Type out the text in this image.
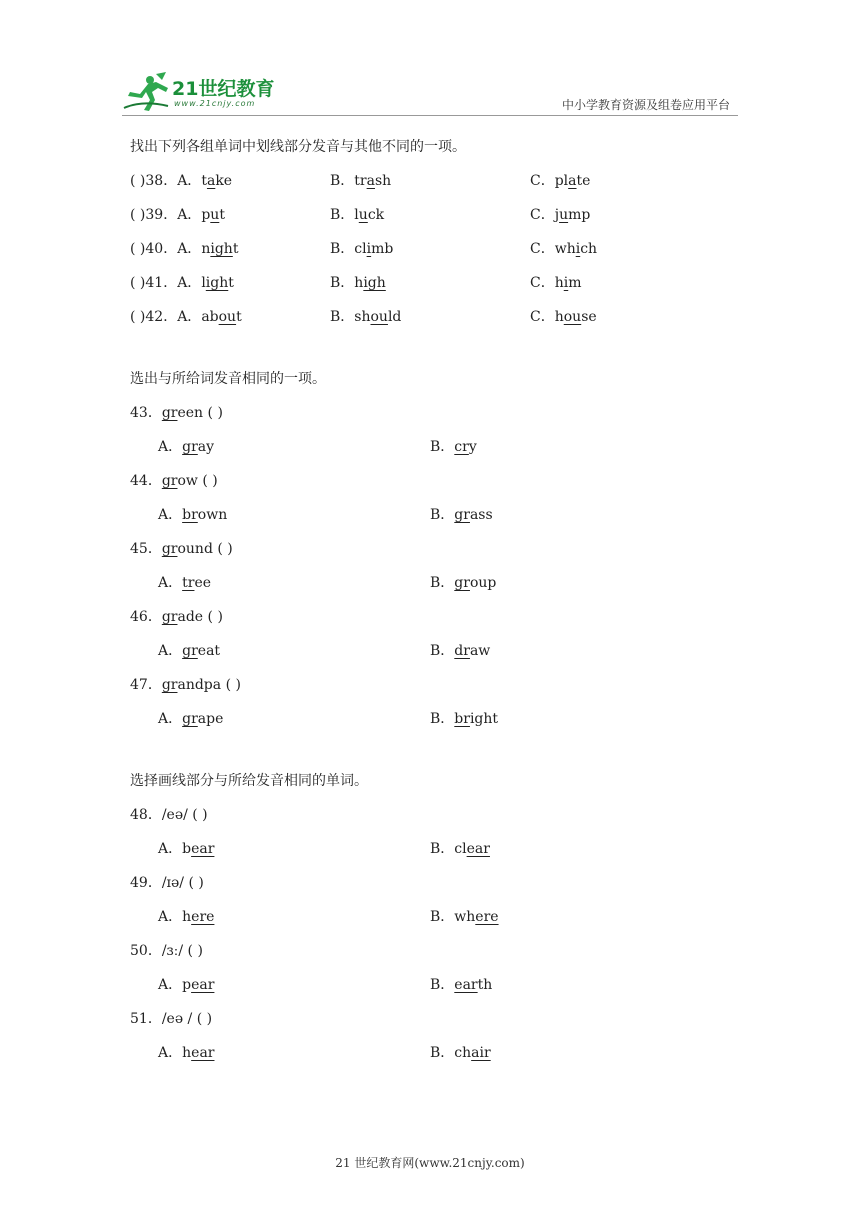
21世纪教育
www.21cnjy.com	中小学教育资源及组卷应用平台
找出下列各组单词中划线部分发音与其他不同的一项。
( )38．A．take	B．trash	C．plate
( )39．A．put	B．luck	C．jump
( )40．A．night	B．climb	C．which
( )41．A．light	B．high	C．him
( )42．A．about	B．should	C．house
选出与所给词发音相同的一项。
43．green ( )
A．gray	B．cry
44．grow ( )
A．brown	B．grass
45．ground ( )
A．tree	B．group
46．grade ( )
A．great	B．draw
47．grandpa ( )
A．grape	B．bright
选择画线部分与所给发音相同的单词。
48．/eə/ ( )
A．bear	B．clear
49．/ɪə/ ( )
A．here	B．where
50．/ɜː/ ( )
A．pear	B．earth
51．/eə / ( )
A．hear	B．chair
21 世纪教育网(www.21cnjy.com)
